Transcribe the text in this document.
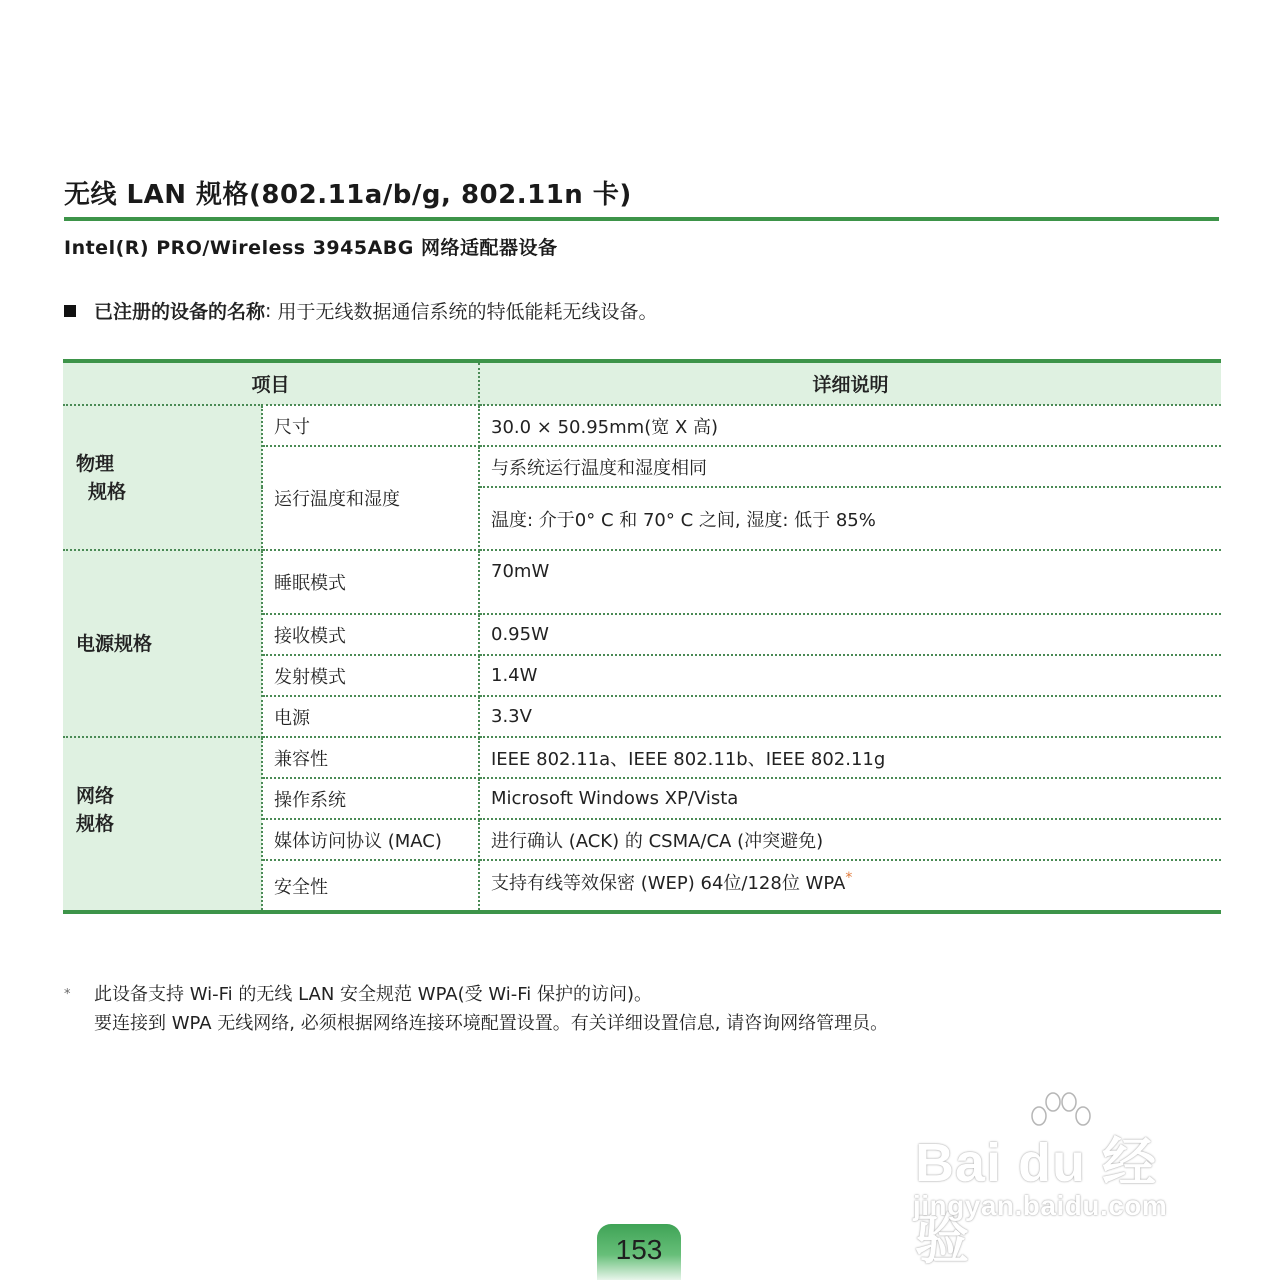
无线 LAN 规格(802.11a/b/g, 802.11n 卡)
Intel(R) PRO/Wireless 3945ABG 网络适配器设备
已注册的设备的名称 : 用于无线数据通信系统的特低能耗无线设备。
项目		详细说明

物理
规格	尺寸	30.0 × 50.95mm(宽 X 高)
	运行温度和湿度	与系统运行温度和湿度相同
		温度: 介于0° C 和 70° C 之间, 湿度: 低于 85%
电源规格	睡眠模式	70mW
	接收模式	0.95W
	发射模式	1.4W
	电源	3.3V

网络
规格	兼容性	IEEE 802.11a、IEEE 802.11b、IEEE 802.11g
	操作系统	Microsoft Windows XP/Vista
	媒体访问协议 (MAC)	进行确认 (ACK) 的 CSMA/CA (冲突避免)
	安全性	支持有线等效保密 (WEP) 64位/128位 WPA*
* 此设备支持 Wi-Fi 的无线 LAN 安全规范 WPA(受 Wi-Fi 保护的访问)。
要连接到 WPA 无线网络, 必须根据网络连接环境配置设置。有关详细设置信息, 请咨询网络管理员。
Bai du 经验
jingyan.baidu.com
153
